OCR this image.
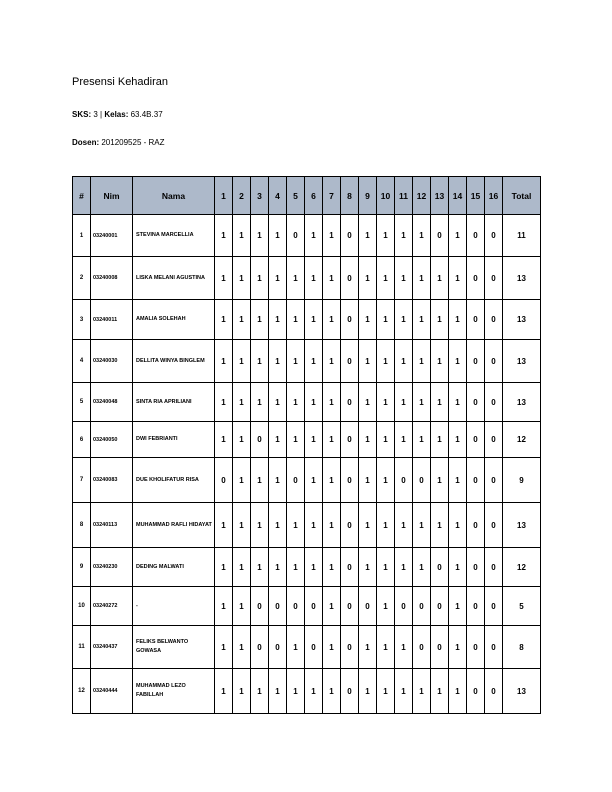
Presensi Kehadiran
SKS: 3 | Kelas: 63.4B.37
Dosen: 201209525 - RAZ
#	Nim	Nama	1	2	3	4	5	6	7	8	9	10	11	12	13	14	15	16	Total
1	03240001	STEVINA MARCELLIA	1	1	1	1	0	1	1	0	1	1	1	1	0	1	0	0	11
2	03240008	LISKA MELANI AGUSTINA	1	1	1	1	1	1	1	0	1	1	1	1	1	1	0	0	13
3	03240011	AMALIA SOLEHAH	1	1	1	1	1	1	1	0	1	1	1	1	1	1	0	0	13
4	03240030	DELLITA WINYA BINGLEM	1	1	1	1	1	1	1	0	1	1	1	1	1	1	0	0	13
5	03240048	SINTA RIA APRILIANI	1	1	1	1	1	1	1	0	1	1	1	1	1	1	0	0	13
6	03240050	DWI FEBRIANTI	1	1	0	1	1	1	1	0	1	1	1	1	1	1	0	0	12
7	03240083	DUE KHOLIFATUR RISA	0	1	1	1	0	1	1	0	1	1	0	0	1	1	0	0	9
8	03240113	MUHAMMAD RAFLI HIDAYAT	1	1	1	1	1	1	1	0	1	1	1	1	1	1	0	0	13
9	03240230	DEDING MALWATI	1	1	1	1	1	1	1	0	1	1	1	1	0	1	0	0	12
10	03240272	-	1	1	0	0	0	0	1	0	0	1	0	0	0	1	0	0	5
11	03240437	FELIKS BELWANTO GOWASA	1	1	0	0	1	0	1	0	1	1	1	0	0	1	0	0	8
12	03240444	MUHAMMAD LEZO FABILLAH	1	1	1	1	1	1	1	0	1	1	1	1	1	1	0	0	13
